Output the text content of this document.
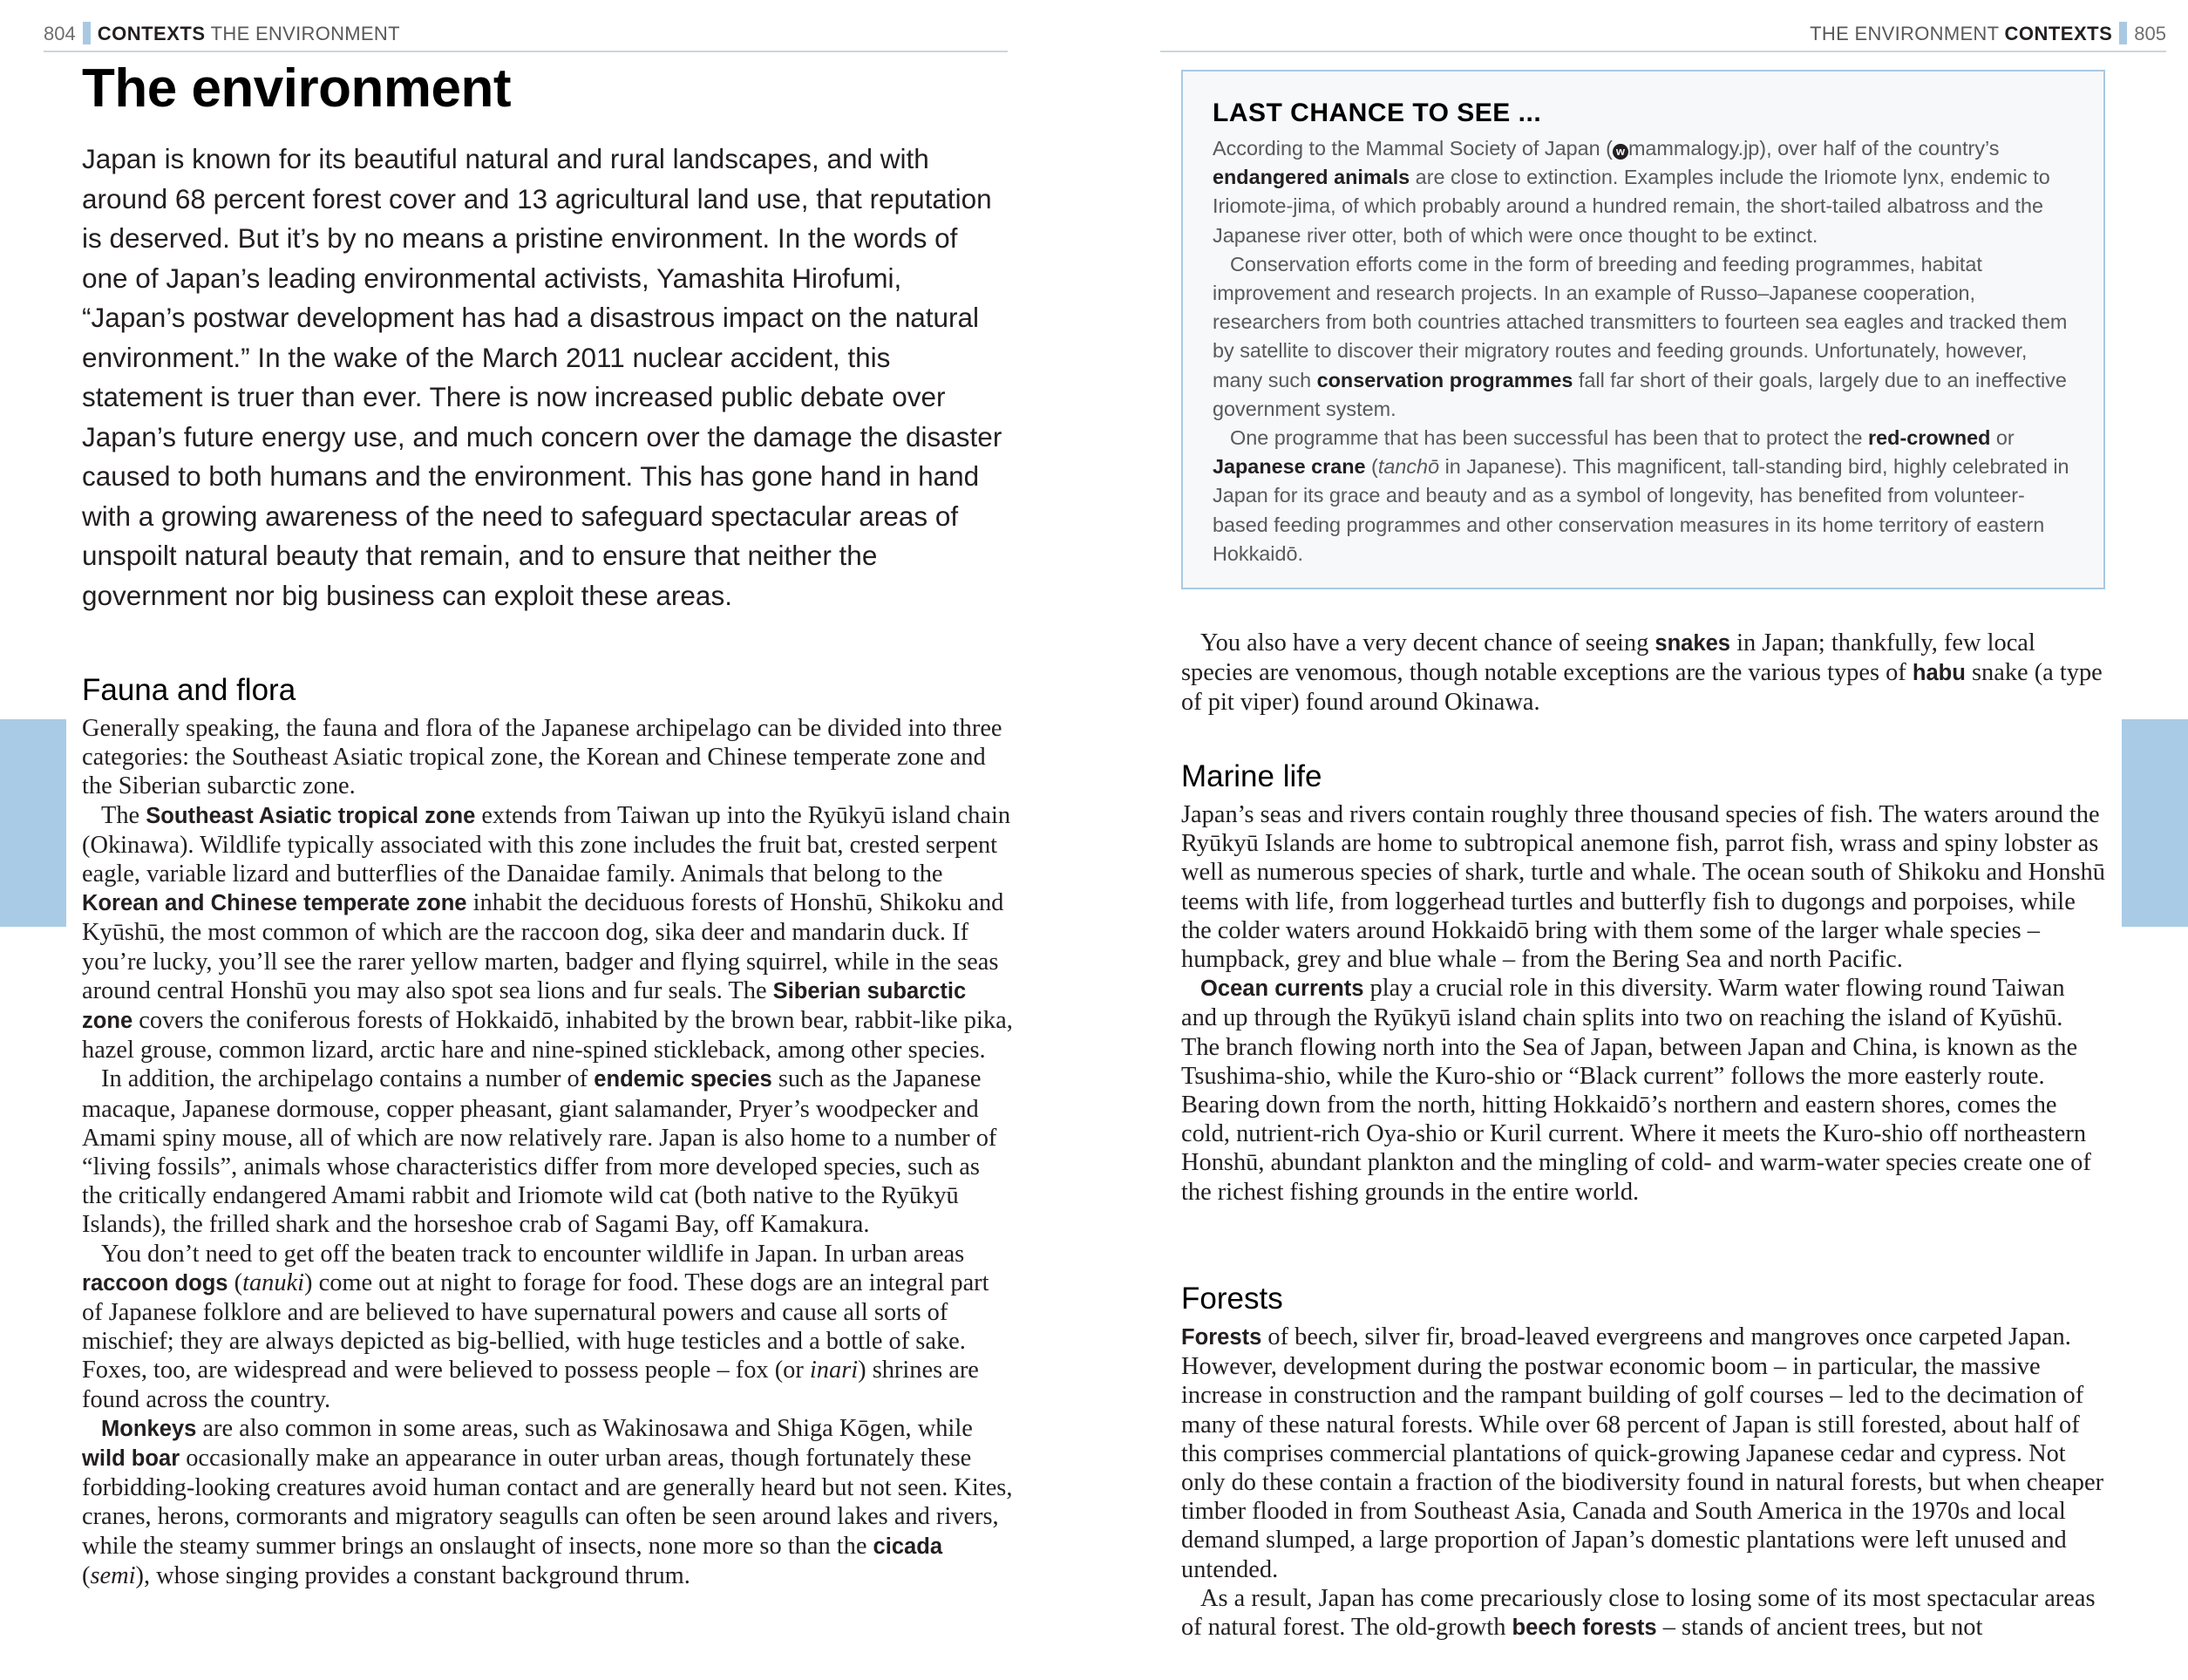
804 CONTEXTS THE ENVIRONMENT
The environment

Japan is known for its beautiful natural and rural landscapes, and with around 68 percent forest cover and 13 agricultural land use, that reputation is deserved. But it’s by no means a pristine environment. In the words of one of Japan’s leading environmental activists, Yamashita Hirofumi, “Japan’s postwar development has had a disastrous impact on the natural environment.” In the wake of the March 2011 nuclear accident, this statement is truer than ever. There is now increased public debate over Japan’s future energy use, and much concern over the damage the disaster caused to both humans and the environment. This has gone hand in hand with a growing awareness of the need to safeguard spectacular areas of unspoilt natural beauty that remain, and to ensure that neither the government nor big business can exploit these areas.

Fauna and flora

Generally speaking, the fauna and flora of the Japanese archipelago can be divided into three categories: the Southeast Asiatic tropical zone, the Korean and Chinese temperate zone and the Siberian subarctic zone.

The Southeast Asiatic tropical zone extends from Taiwan up into the Ryūkyū island chain (Okinawa). Wildlife typically associated with this zone includes the fruit bat, crested serpent eagle, variable lizard and butterflies of the Danaidae family. Animals that belong to the Korean and Chinese temperate zone inhabit the deciduous forests of Honshū, Shikoku and Kyūshū, the most common of which are the raccoon dog, sika deer and mandarin duck. If you’re lucky, you’ll see the rarer yellow marten, badger and flying squirrel, while in the seas around central Honshū you may also spot sea lions and fur seals. The Siberian subarctic zone covers the coniferous forests of Hokkaidō, inhabited by the brown bear, rabbit-like pika, hazel grouse, common lizard, arctic hare and nine-spined stickleback, among other species.

In addition, the archipelago contains a number of endemic species such as the Japanese macaque, Japanese dormouse, copper pheasant, giant salamander, Pryer’s woodpecker and Amami spiny mouse, all of which are now relatively rare. Japan is also home to a number of “living fossils”, animals whose characteristics differ from more developed species, such as the critically endangered Amami rabbit and Iriomote wild cat (both native to the Ryūkyū Islands), the frilled shark and the horseshoe crab of Sagami Bay, off Kamakura.

You don’t need to get off the beaten track to encounter wildlife in Japan. In urban areas raccoon dogs (tanuki) come out at night to forage for food. These dogs are an integral part of Japanese folklore and are believed to have supernatural powers and cause all sorts of mischief; they are always depicted as big-bellied, with huge testicles and a bottle of sake. Foxes, too, are widespread and were believed to possess people – fox (or inari) shrines are found across the country.

Monkeys are also common in some areas, such as Wakinosawa and Shiga Kōgen, while wild boar occasionally make an appearance in outer urban areas, though fortunately these forbidding-looking creatures avoid human contact and are generally heard but not seen. Kites, cranes, herons, cormorants and migratory seagulls can often be seen around lakes and rivers, while the steamy summer brings an onslaught of insects, none more so than the cicada (semi), whose singing provides a constant background thrum.

THE ENVIRONMENT CONTEXTS 805
LAST CHANCE TO SEE ...

According to the Mammal Society of Japan ( w mammalogy.jp), over half of the country’s endangered animals are close to extinction. Examples include the Iriomote lynx, endemic to Iriomote-jima, of which probably around a hundred remain, the short-tailed albatross and the Japanese river otter, both of which were once thought to be extinct.

Conservation efforts come in the form of breeding and feeding programmes, habitat improvement and research projects. In an example of Russo–Japanese cooperation, researchers from both countries attached transmitters to fourteen sea eagles and tracked them by satellite to discover their migratory routes and feeding grounds. Unfortunately, however, many such conservation programmes fall far short of their goals, largely due to an ineffective government system.

One programme that has been successful has been that to protect the red-crowned or Japanese crane (tanchō in Japanese). This magnificent, tall-standing bird, highly celebrated in Japan for its grace and beauty and as a symbol of longevity, has benefited from volunteer-based feeding programmes and other conservation measures in its home territory of eastern Hokkaidō.

You also have a very decent chance of seeing snakes in Japan; thankfully, few local species are venomous, though notable exceptions are the various types of habu snake (a type of pit viper) found around Okinawa.

Marine life

Japan’s seas and rivers contain roughly three thousand species of fish. The waters around the Ryūkyū Islands are home to subtropical anemone fish, parrot fish, wrass and spiny lobster as well as numerous species of shark, turtle and whale. The ocean south of Shikoku and Honshū teems with life, from loggerhead turtles and butterfly fish to dugongs and porpoises, while the colder waters around Hokkaidō bring with them some of the larger whale species – humpback, grey and blue whale – from the Bering Sea and north Pacific.

Ocean currents play a crucial role in this diversity. Warm water flowing round Taiwan and up through the Ryūkyū island chain splits into two on reaching the island of Kyūshū. The branch flowing north into the Sea of Japan, between Japan and China, is known as the Tsushima-shio, while the Kuro-shio or “Black current” follows the more easterly route. Bearing down from the north, hitting Hokkaidō’s northern and eastern shores, comes the cold, nutrient-rich Oya-shio or Kuril current. Where it meets the Kuro-shio off northeastern Honshū, abundant plankton and the mingling of cold- and warm-water species create one of the richest fishing grounds in the entire world.

Forests

Forests of beech, silver fir, broad-leaved evergreens and mangroves once carpeted Japan. However, development during the postwar economic boom – in particular, the massive increase in construction and the rampant building of golf courses – led to the decimation of many of these natural forests. While over 68 percent of Japan is still forested, about half of this comprises commercial plantations of quick-growing Japanese cedar and cypress. Not only do these contain a fraction of the biodiversity found in natural forests, but when cheaper timber flooded in from Southeast Asia, Canada and South America in the 1970s and local demand slumped, a large proportion of Japan’s domestic plantations were left unused and untended.

As a result, Japan has come precariously close to losing some of its most spectacular areas of natural forest. The old-growth beech forests – stands of ancient trees, but not
